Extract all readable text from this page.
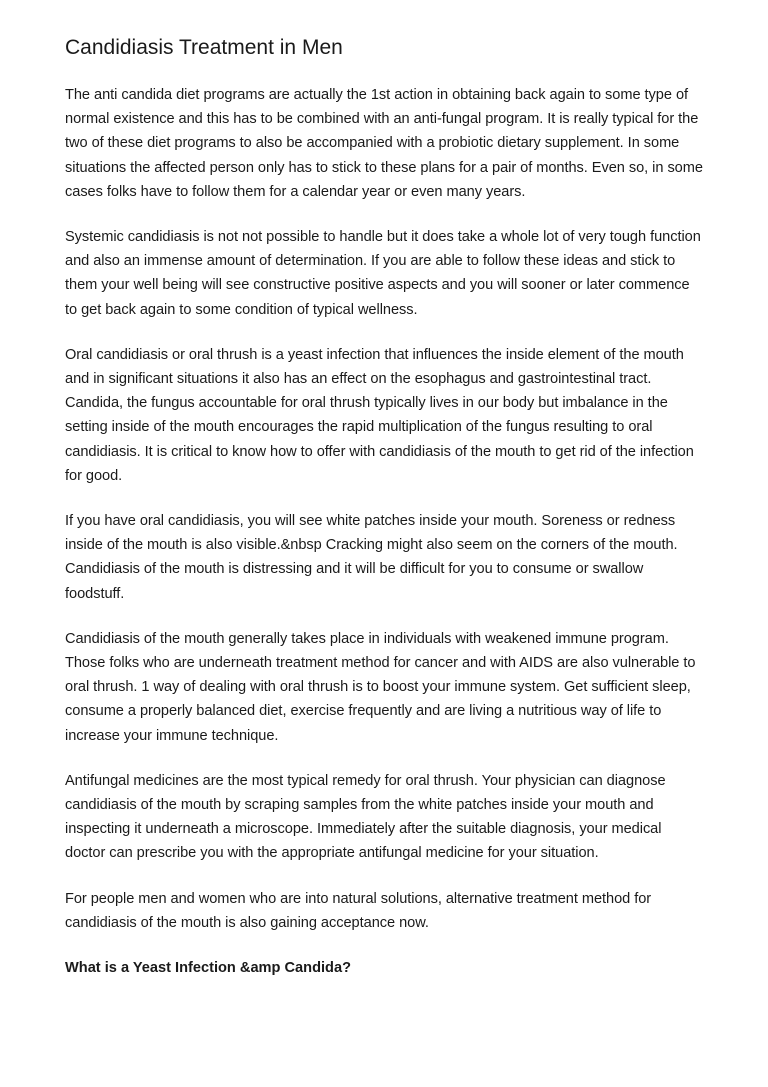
Candidiasis Treatment in Men

The anti candida diet programs are actually the 1st action in obtaining back again to some type of normal existence and this has to be combined with an anti-fungal program. It is really typical for the two of these diet programs to also be accompanied with a probiotic dietary supplement. In some situations the affected person only has to stick to these plans for a pair of months. Even so, in some cases folks have to follow them for a calendar year or even many years.

Systemic candidiasis is not not possible to handle but it does take a whole lot of very tough function and also an immense amount of determination. If you are able to follow these ideas and stick to them your well being will see constructive positive aspects and you will sooner or later commence to get back again to some condition of typical wellness.

Oral candidiasis or oral thrush is a yeast infection that influences the inside element of the mouth and in significant situations it also has an effect on the esophagus and gastrointestinal tract. Candida, the fungus accountable for oral thrush typically lives in our body but imbalance in the setting inside of the mouth encourages the rapid multiplication of the fungus resulting to oral candidiasis. It is critical to know how to offer with candidiasis of the mouth to get rid of the infection for good.

If you have oral candidiasis, you will see white patches inside your mouth. Soreness or redness inside of the mouth is also visible.&nbsp Cracking might also seem on the corners of the mouth. Candidiasis of the mouth is distressing and it will be difficult for you to consume or swallow foodstuff.

Candidiasis of the mouth generally takes place in individuals with weakened immune program. Those folks who are underneath treatment method for cancer and with AIDS are also vulnerable to oral thrush. 1 way of dealing with oral thrush is to boost your immune system. Get sufficient sleep, consume a properly balanced diet, exercise frequently and are living a nutritious way of life to increase your immune technique.

Antifungal medicines are the most typical remedy for oral thrush. Your physician can diagnose candidiasis of the mouth by scraping samples from the white patches inside your mouth and inspecting it underneath a microscope. Immediately after the suitable diagnosis, your medical doctor can prescribe you with the appropriate antifungal medicine for your situation.

For people men and women who are into natural solutions, alternative treatment method for candidiasis of the mouth is also gaining acceptance now.

What is a Yeast Infection &amp Candida?
